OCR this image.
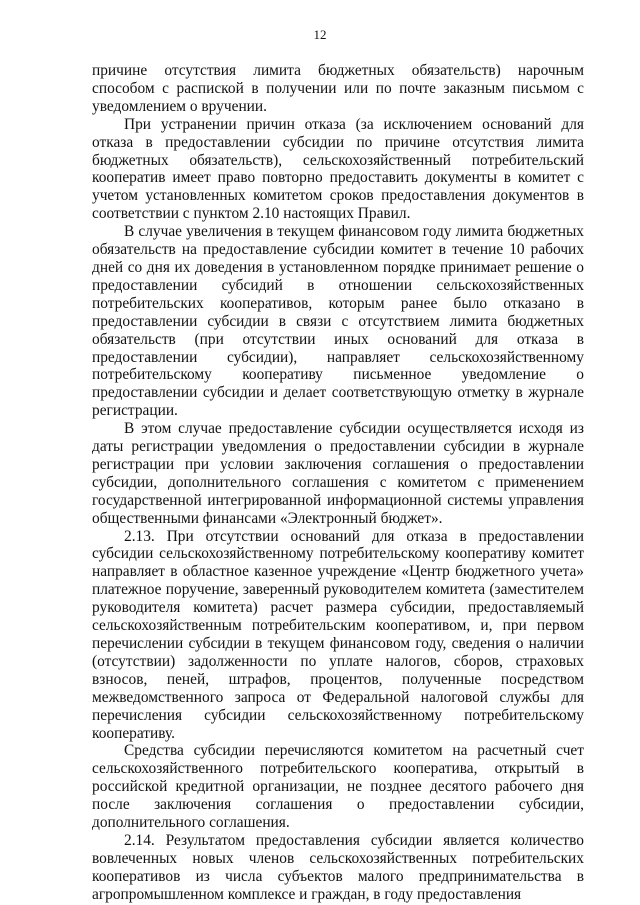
12

причине отсутствия лимита бюджетных обязательств) нарочным способом с распиской в получении или по почте заказным письмом с уведомлением о вручении.

При устранении причин отказа (за исключением оснований для отказа в предоставлении субсидии по причине отсутствия лимита бюджетных обязательств), сельскохозяйственный потребительский кооператив имеет право повторно предоставить документы в комитет с учетом установленных комитетом сроков предоставления документов в соответствии с пунктом 2.10 настоящих Правил.

В случае увеличения в текущем финансовом году лимита бюджетных обязательств на предоставление субсидии комитет в течение 10 рабочих дней со дня их доведения в установленном порядке принимает решение о предоставлении субсидий в отношении сельскохозяйственных потребительских кооперативов, которым ранее было отказано в предоставлении субсидии в связи с отсутствием лимита бюджетных обязательств (при отсутствии иных оснований для отказа в предоставлении субсидии), направляет сельскохозяйственному потребительскому кооперативу письменное уведомление о предоставлении субсидии и делает соответствующую отметку в журнале регистрации.

В этом случае предоставление субсидии осуществляется исходя из даты регистрации уведомления о предоставлении субсидии в журнале регистрации при условии заключения соглашения о предоставлении субсидии, дополнительного соглашения с комитетом с применением государственной интегрированной информационной системы управления общественными финансами «Электронный бюджет».

2.13. При отсутствии оснований для отказа в предоставлении субсидии сельскохозяйственному потребительскому кооперативу комитет направляет в областное казенное учреждение «Центр бюджетного учета» платежное поручение, заверенный руководителем комитета (заместителем руководителя комитета) расчет размера субсидии, предоставляемый сельскохозяйственным потребительским кооперативом, и, при первом перечислении субсидии в текущем финансовом году, сведения о наличии (отсутствии) задолженности по уплате налогов, сборов, страховых взносов, пеней, штрафов, процентов, полученные посредством межведомственного запроса от Федеральной налоговой службы для перечисления субсидии сельскохозяйственному потребительскому кооперативу.

Средства субсидии перечисляются комитетом на расчетный счет сельскохозяйственного потребительского кооператива, открытый в российской кредитной организации, не позднее десятого рабочего дня после заключения соглашения о предоставлении субсидии, дополнительного соглашения.

2.14. Результатом предоставления субсидии является количество вовлеченных новых членов сельскохозяйственных потребительских кооперативов из числа субъектов малого предпринимательства в агропромышленном комплексе и граждан, в году предоставления
